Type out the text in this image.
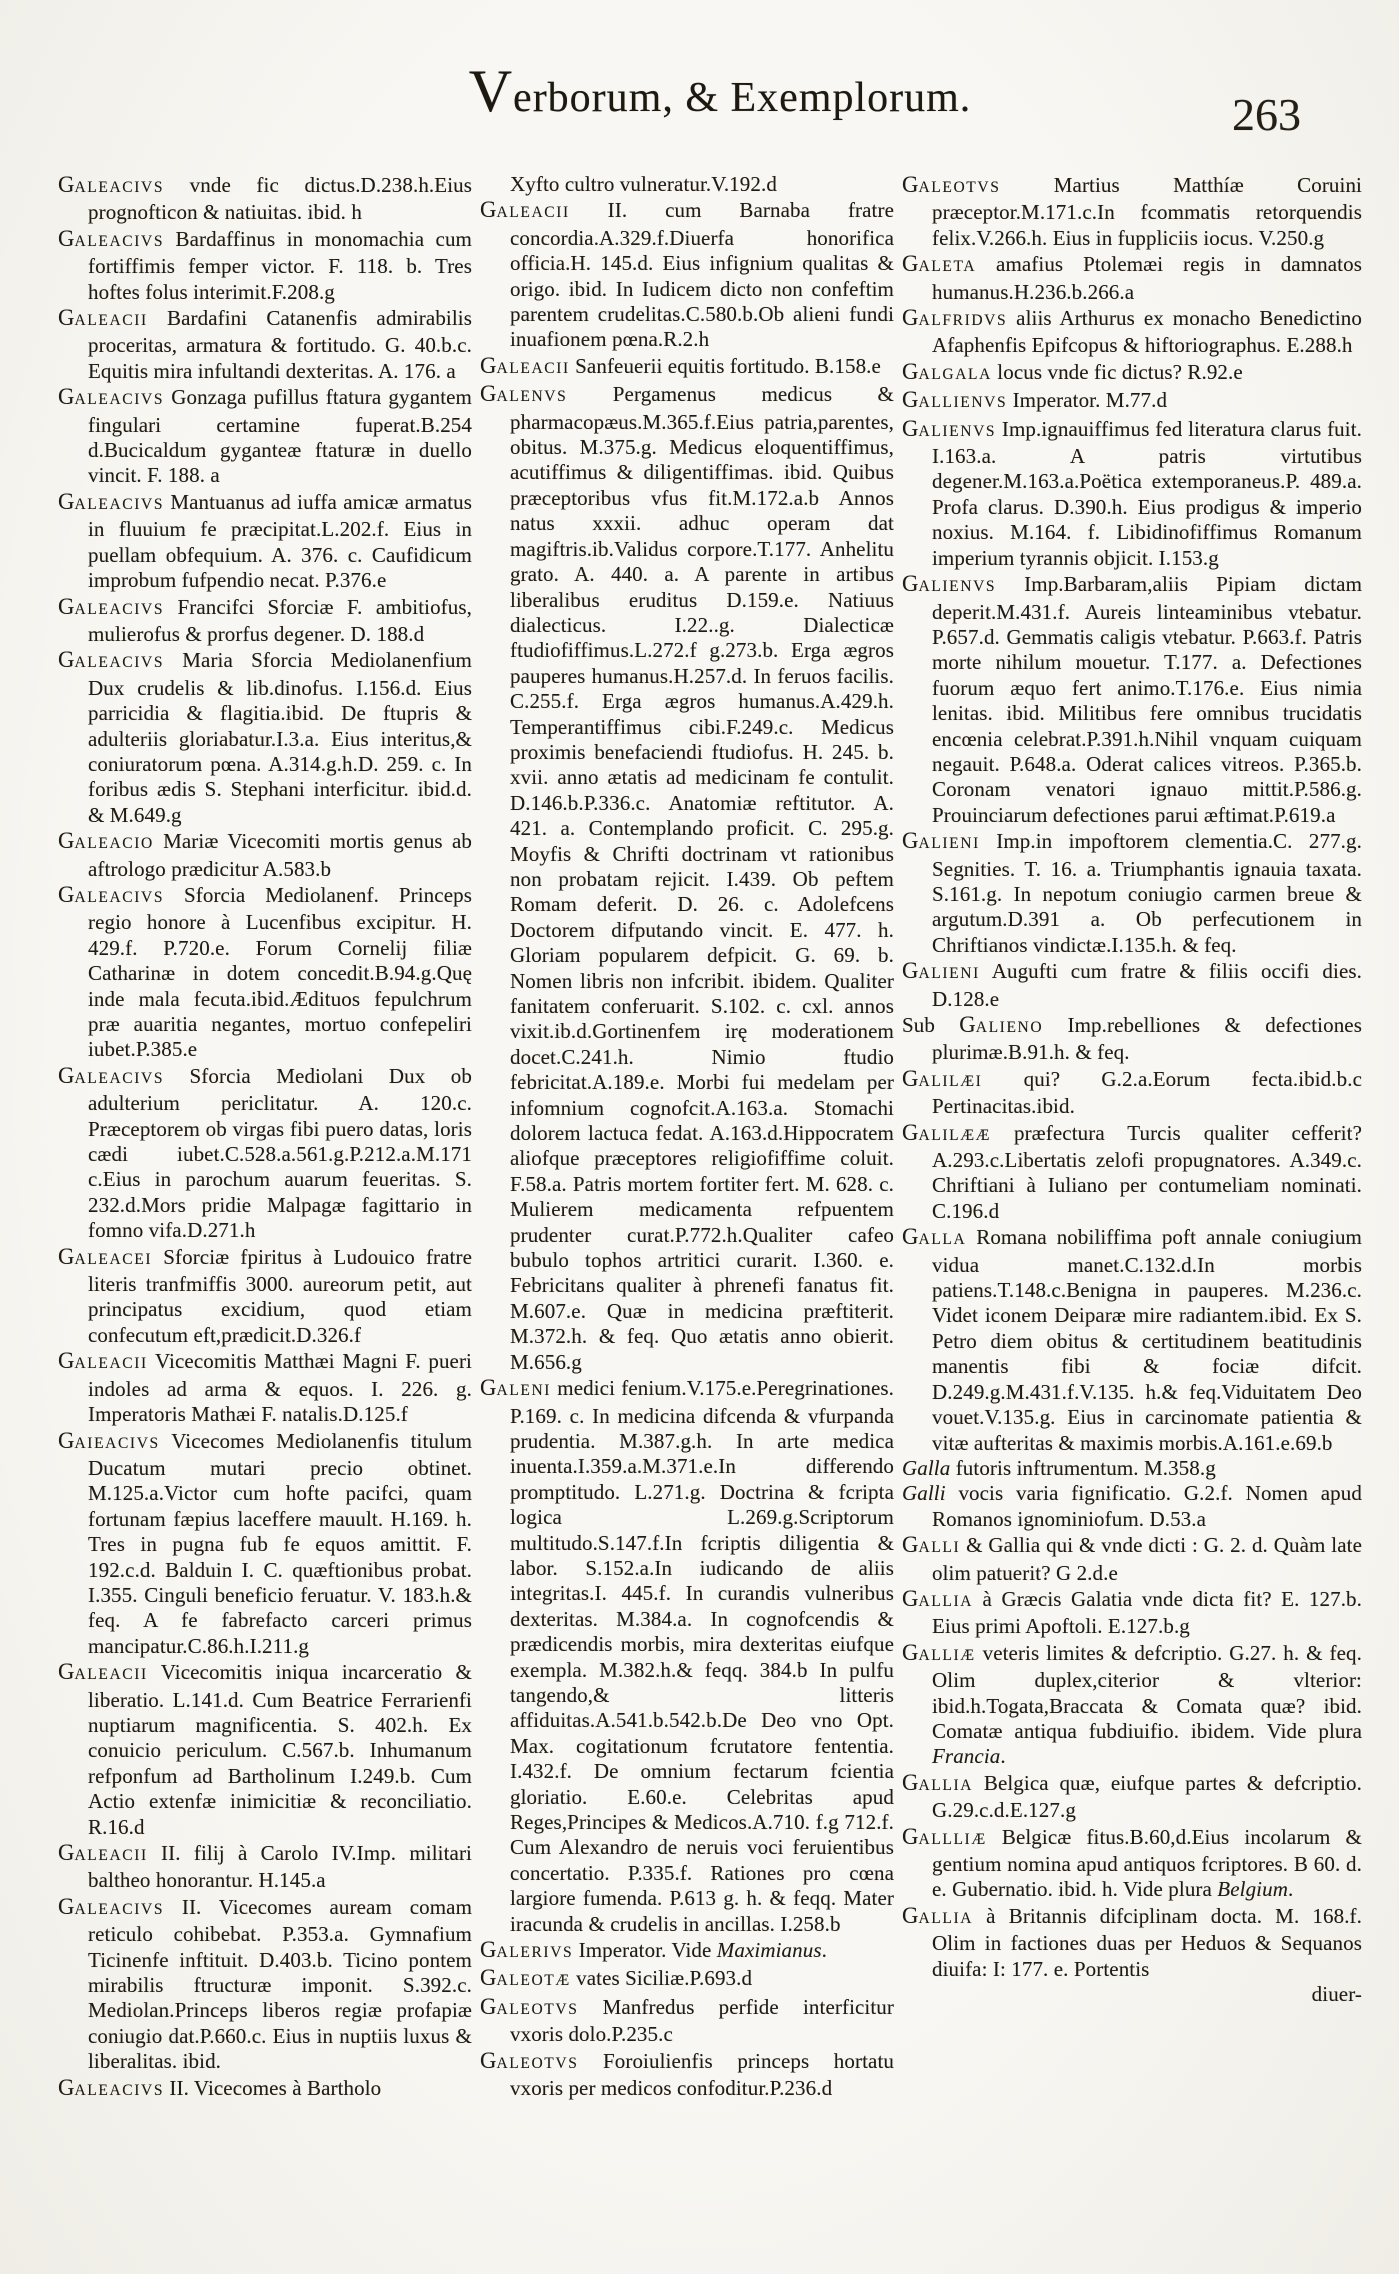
Verborum, & Exemplorum.	263

GALEACIVS vnde fic dictus.D.238.h.Eius prognofticon & natiuitas. ibid. h

GALEACIVS Bardaffinus in monomachia cum fortiffimis femper victor. F. 118. b. Tres hoftes folus interimit.F.208.g

GALEACII Bardafini Catanenfis admirabilis proceritas, armatura & fortitudo. G. 40.b.c. Equitis mira infultandi dexteritas. A. 176. a

GALEACIVS Gonzaga pufillus ftatura gygantem fingulari certamine fuperat.B.254 d.Bucicaldum gyganteæ ftaturæ in duello vincit. F. 188. a

GALEACIVS Mantuanus ad iuffa amicæ armatus in fluuium fe præcipitat.L.202.f. Eius in puellam obfequium. A. 376. c. Caufidicum improbum fufpendio necat. P.376.e

GALEACIVS Francifci Sforciæ F. ambitiofus, mulierofus & prorfus degener. D. 188.d

GALEACIVS Maria Sforcia Mediolanenfium Dux crudelis & lib.dinofus. I.156.d. Eius parricidia & flagitia.ibid. De ftupris & adulteriis gloriabatur.I.3.a. Eius interitus,& coniuratorum pœna. A.314.g.h.D. 259. c. In foribus ædis S. Stephani interficitur. ibid.d. & M.649.g

GALEACIO Mariæ Vicecomiti mortis genus ab aftrologo prædicitur A.583.b

GALEACIVS Sforcia Mediolanenf. Princeps regio honore à Lucenfibus excipitur. H. 429.f. P.720.e. Forum Cornelij filiæ Catharinæ in dotem concedit.B.94.g.Quę inde mala fecuta.ibid.Ædituos fepulchrum præ auaritia negantes, mortuo confepeliri iubet.P.385.e

GALEACIVS Sforcia Mediolani Dux ob adulterium periclitatur. A. 120.c. Præceptorem ob virgas fibi puero datas, loris cædi iubet.C.528.a.561.g.P.212.a.M.171 c.Eius in parochum auarum feueritas. S. 232.d.Mors pridie Malpagæ fagittario in fomno vifa.D.271.h

GALEACEI Sforciæ fpiritus à Ludouico fratre literis tranfmiffis 3000. aureorum petit, aut principatus excidium, quod etiam confecutum eft,prædicit.D.326.f

GALEACII Vicecomitis Matthæi Magni F. pueri indoles ad arma & equos. I. 226. g. Imperatoris Mathæi F. natalis.D.125.f

GAIEACIVS Vicecomes Mediolanenfis titulum Ducatum mutari precio obtinet. M.125.a.Victor cum hofte pacifci, quam fortunam fæpius laceffere mauult. H.169. h. Tres in pugna fub fe equos amittit. F. 192.c.d. Balduin I. C. quæftionibus probat. I.355. Cinguli beneficio feruatur. V. 183.h.& feq. A fe fabrefacto carceri primus mancipatur.C.86.h.I.211.g

GALEACII Vicecomitis iniqua incarceratio & liberatio. L.141.d. Cum Beatrice Ferrarienfi nuptiarum magnificentia. S. 402.h. Ex conuicio periculum. C.567.b. Inhumanum refponfum ad Bartholinum I.249.b. Cum Actio extenfæ inimicitiæ & reconciliatio. R.16.d

GALEACII II. filij à Carolo IV.Imp. militari baltheo honorantur. H.145.a

GALEACIVS II. Vicecomes auream comam reticulo cohibebat. P.353.a. Gymnafium Ticinenfe inftituit. D.403.b. Ticino pontem mirabilis ftructuræ imponit. S.392.c. Mediolan.Princeps liberos regiæ profapiæ coniugio dat.P.660.c. Eius in nuptiis luxus & liberalitas. ibid.

GALEACIVS II. Vicecomes à Bartholo

Xyfto cultro vulneratur.V.192.d

GALEACII II. cum Barnaba fratre concordia.A.329.f.Diuerfa honorifica officia.H. 145.d. Eius infignium qualitas & origo. ibid. In Iudicem dicto non confeftim parentem crudelitas.C.580.b.Ob alieni fundi inuafionem pœna.R.2.h

GALEACII Sanfeuerii equitis fortitudo. B.158.e

GALENVS Pergamenus medicus & pharmacopæus.M.365.f.Eius patria,parentes, obitus. M.375.g. Medicus eloquentiffimus, acutiffimus & diligentiffimas. ibid. Quibus præceptoribus vfus fit.M.172.a.b Annos natus xxxii. adhuc operam dat magiftris.ib.Validus corpore.T.177. Anhelitu grato. A. 440. a. A parente in artibus liberalibus eruditus D.159.e. Natiuus dialecticus. I.22..g. Dialecticæ ftudiofiffimus.L.272.f g.273.b. Erga ægros pauperes humanus.H.257.d. In feruos facilis. C.255.f. Erga ægros humanus.A.429.h. Temperantiffimus cibi.F.249.c. Medicus proximis benefaciendi ftudiofus. H. 245. b. xvii. anno ætatis ad medicinam fe contulit. D.146.b.P.336.c. Anatomiæ reftitutor. A. 421. a. Contemplando proficit. C. 295.g. Moyfis & Chrifti doctrinam vt rationibus non probatam rejicit. I.439. Ob peftem Romam deferit. D. 26. c. Adolefcens Doctorem difputando vincit. E. 477. h. Gloriam popularem defpicit. G. 69. b. Nomen libris non infcribit. ibidem. Qualiter fanitatem conferuarit. S.102. c. cxl. annos vixit.ib.d.Gortinenfem irę moderationem docet.C.241.h. Nimio ftudio febricitat.A.189.e. Morbi fui medelam per infomnium cognofcit.A.163.a. Stomachi dolorem lactuca fedat. A.163.d.Hippocratem aliofque præceptores religiofiffime coluit. F.58.a. Patris mortem fortiter fert. M. 628. c. Mulierem medicamenta refpuentem prudenter curat.P.772.h.Qualiter cafeo bubulo tophos artritici curarit. I.360. e. Febricitans qualiter à phrenefi fanatus fit. M.607.e. Quæ in medicina præftiterit. M.372.h. & feq. Quo ætatis anno obierit. M.656.g

GALENI medici fenium.V.175.e.Peregrinationes. P.169. c. In medicina difcenda & vfurpanda prudentia. M.387.g.h. In arte medica inuenta.I.359.a.M.371.e.In differendo promptitudo. L.271.g. Doctrina & fcripta logica L.269.g.Scriptorum multitudo.S.147.f.In fcriptis diligentia & labor. S.152.a.In iudicando de aliis integritas.I. 445.f. In curandis vulneribus dexteritas. M.384.a. In cognofcendis & prædicendis morbis, mira dexteritas eiufque exempla. M.382.h.& feqq. 384.b In pulfu tangendo,& litteris affiduitas.A.541.b.542.b.De Deo vno Opt. Max. cogitationum fcrutatore fententia. I.432.f. De omnium fectarum fcientia gloriatio. E.60.e. Celebritas apud Reges,Principes & Medicos.A.710. f.g 712.f. Cum Alexandro de neruis voci feruientibus concertatio. P.335.f. Rationes pro cœna largiore fumenda. P.613 g. h. & feqq. Mater iracunda & crudelis in ancillas. I.258.b

GALERIVS Imperator. Vide Maximianus.

GALEOTÆ vates Siciliæ.P.693.d

GALEOTVS Manfredus perfide interficitur vxoris dolo.P.235.c

GALEOTVS Foroiulienfis princeps hortatu vxoris per medicos confoditur.P.236.d

GALEOTVS Martius Matthíæ Coruini præceptor.M.171.c.In fcommatis retorquendis felix.V.266.h. Eius in fuppliciis iocus. V.250.g

GALETA amafius Ptolemæi regis in damnatos humanus.H.236.b.266.a

GALFRIDVS aliis Arthurus ex monacho Benedictino Afaphenfis Epifcopus & hiftoriographus. E.288.h

GALGALA locus vnde fic dictus? R.92.e

GALLIENVS Imperator. M.77.d

GALIENVS Imp.ignauiffimus fed literatura clarus fuit. I.163.a. A patris virtutibus degener.M.163.a.Poëtica extemporaneus.P. 489.a. Profa clarus. D.390.h. Eius prodigus & imperio noxius. M.164. f. Libidinofiffimus Romanum imperium tyrannis objicit. I.153.g

GALIENVS Imp.Barbaram,aliis Pipiam dictam deperit.M.431.f. Aureis linteaminibus vtebatur. P.657.d. Gemmatis caligis vtebatur. P.663.f. Patris morte nihilum mouetur. T.177. a. Defectiones fuorum æquo fert animo.T.176.e. Eius nimia lenitas. ibid. Militibus fere omnibus trucidatis encœnia celebrat.P.391.h.Nihil vnquam cuiquam negauit. P.648.a. Oderat calices vitreos. P.365.b. Coronam venatori ignauo mittit.P.586.g. Prouinciarum defectiones parui æftimat.P.619.a

GALIENI Imp.in impoftorem clementia.C. 277.g. Segnities. T. 16. a. Triumphantis ignauia taxata. S.161.g. In nepotum coniugio carmen breue & argutum.D.391 a. Ob perfecutionem in Chriftianos vindictæ.I.135.h. & feq.

GALIENI Augufti cum fratre & filiis occifi dies. D.128.e

Sub GALIENO Imp.rebelliones & defectiones plurimæ.B.91.h. & feq.

GALILÆI qui? G.2.a.Eorum fecta.ibid.b.c Pertinacitas.ibid.

GALILÆÆ præfectura Turcis qualiter cefferit?A.293.c.Libertatis zelofi propugnatores. A.349.c. Chriftiani à Iuliano per contumeliam nominati. C.196.d

GALLA Romana nobiliffima poft annale coniugium vidua manet.C.132.d.In morbis patiens.T.148.c.Benigna in pauperes. M.236.c. Videt iconem Deiparæ mire radiantem.ibid. Ex S. Petro diem obitus & certitudinem beatitudinis manentis fibi & fociæ difcit. D.249.g.M.431.f.V.135. h.& feq.Viduitatem Deo vouet.V.135.g. Eius in carcinomate patientia & vitæ aufteritas & maximis morbis.A.161.e.69.b

Galla futoris inftrumentum. M.358.g

Galli vocis varia fignificatio. G.2.f. Nomen apud Romanos ignominiofum. D.53.a

GALLI & Gallia qui & vnde dicti : G. 2. d. Quàm late olim patuerit? G 2.d.e

GALLIA à Græcis Galatia vnde dicta fit? E. 127.b. Eius primi Apoftoli. E.127.b.g

GALLIÆ veteris limites & defcriptio. G.27. h. & feq. Olim duplex,citerior & vlterior: ibid.h.Togata,Braccata & Comata quæ? ibid. Comatæ antiqua fubdiuifio. ibidem. Vide plura Francia.

GALLIA Belgica quæ, eiufque partes & defcriptio. G.29.c.d.E.127.g

GALLLIÆ Belgicæ fitus.B.60,d.Eius incolarum & gentium nomina apud antiquos fcriptores. B 60. d. e. Gubernatio. ibid. h. Vide plura Belgium.

GALLIA à Britannis difciplinam docta. M. 168.f. Olim in factiones duas per Heduos & Sequanos diuifa: I: 177. e. Portentis

diuer-
